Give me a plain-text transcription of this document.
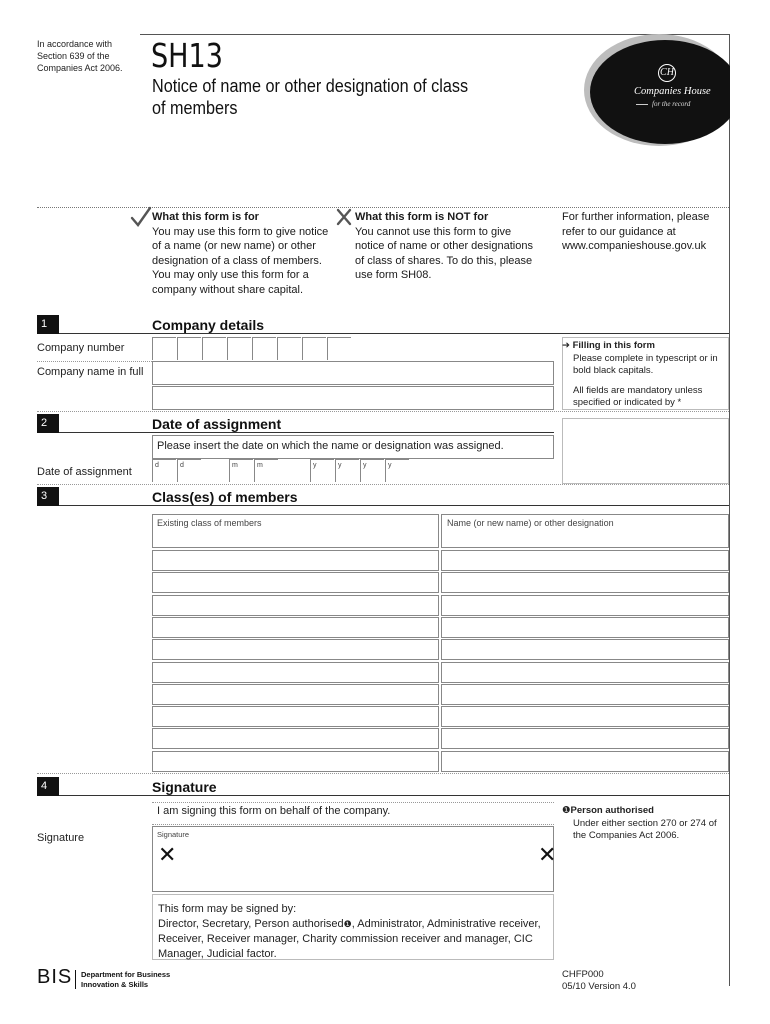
In accordance with Section 639 of the Companies Act 2006. SH13
Notice of name or other designation of class of members
CH
Companies House
for the record
What this form is for
You may use this form to give notice of a name (or new name) or other designation of a class of members. You may only use this form for a company without share capital.
What this form is NOT for
You cannot use this form to give notice of name or other designations of class of shares. To do this, please use form SH08.
For further information, please refer to our guidance at www.companieshouse.gov.uk
1	Company details
Company number
Company name in full
➔ Filling in this form
Please complete in typescript or in bold black capitals.
All fields are mandatory unless specified or indicated by *
2	Date of assignment
Please insert the date on which the name or designation was assigned.
Date of assignment
d	d	m	m	y	y	y	y
3	Class(es) of members
Existing class of members	Name (or new name) or other designation
4	Signature
I am signing this form on behalf of the company.
Signature	Signature
✕	✕
❶Person authorised
Under either section 270 or 274 of the Companies Act 2006.
This form may be signed by:
Director, Secretary, Person authorised❶, Administrator, Administrative receiver, Receiver, Receiver manager, Charity commission receiver and manager, CIC Manager, Judicial factor.
BIS Department for Business
Innovation & Skills
CHFP000
05/10 Version 4.0
